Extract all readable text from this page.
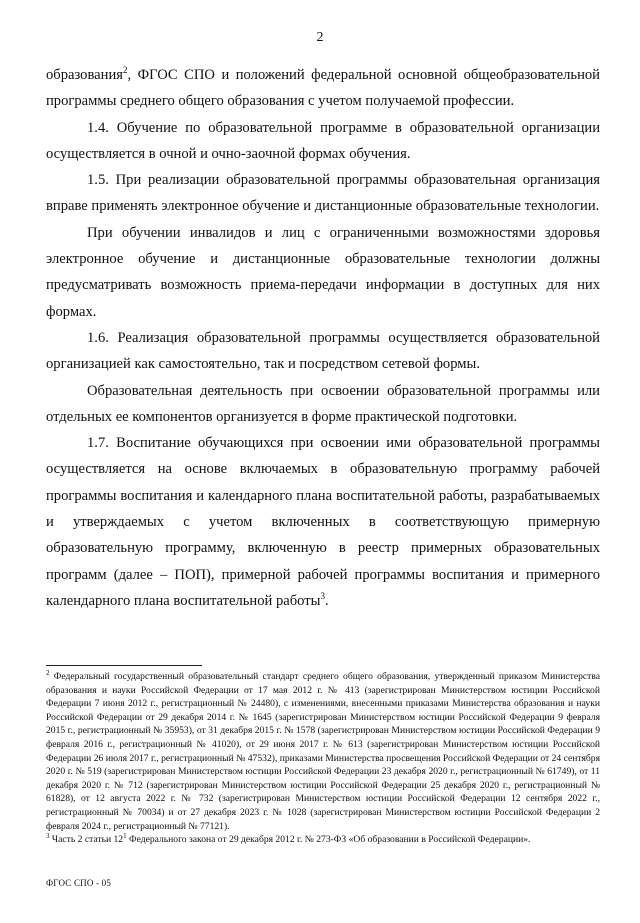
2

образования$^2$, ФГОС СПО и положений федеральной основной общеобразовательной программы среднего общего образования с учетом получаемой профессии.

1.4. Обучение по образовательной программе в образовательной организации осуществляется в очной и очно-заочной формах обучения.

1.5. При реализации образовательной программы образовательная организация вправе применять электронное обучение и дистанционные образовательные технологии.

При обучении инвалидов и лиц с ограниченными возможностями здоровья электронное обучение и дистанционные образовательные технологии должны предусматривать возможность приема-передачи информации в доступных для них формах.

1.6. Реализация образовательной программы осуществляется образовательной организацией как самостоятельно, так и посредством сетевой формы.

Образовательная деятельность при освоении образовательной программы или отдельных ее компонентов организуется в форме практической подготовки.

1.7. Воспитание обучающихся при освоении ими образовательной программы осуществляется на основе включаемых в образовательную программу рабочей программы воспитания и календарного плана воспитательной работы, разрабатываемых и утверждаемых с учетом включенных в соответствующую примерную образовательную программу, включенную в реестр примерных образовательных программ (далее – ПОП), примерной рабочей программы воспитания и примерного календарного плана воспитательной работы$^3$.

$^2$ Федеральный государственный образовательный стандарт среднего общего образования, утвержденный приказом Министерства образования и науки Российской Федерации от 17 мая 2012 г. № 413 (зарегистрирован Министерством юстиции Российской Федерации 7 июня 2012 г., регистрационный № 24480), с изменениями, внесенными приказами Министерства образования и науки Российской Федерации от 29 декабря 2014 г. № 1645 (зарегистрирован Министерством юстиции Российской Федерации 9 февраля 2015 г., регистрационный № 35953), от 31 декабря 2015 г. № 1578 (зарегистрирован Министерством юстиции Российской Федерации 9 февраля 2016 г., регистрационный № 41020), от 29 июня 2017 г. № 613 (зарегистрирован Министерством юстиции Российской Федерации 26 июля 2017 г., регистрационный № 47532), приказами Министерства просвещения Российской Федерации от 24 сентября 2020 г. № 519 (зарегистрирован Министерством юстиции Российской Федерации 23 декабря 2020 г., регистрационный № 61749), от 11 декабря 2020 г. № 712 (зарегистрирован Министерством юстиции Российской Федерации 25 декабря 2020 г., регистрационный № 61828), от 12 августа 2022 г. № 732 (зарегистрирован Министерством юстиции Российской Федерации 12 сентября 2022 г., регистрационный № 70034) и от 27 декабря 2023 г. № 1028 (зарегистрирован Министерством юстиции Российской Федерации 2 февраля 2024 г., регистрационный № 77121).

$^3$ Часть 2 статьи 12$^1$ Федерального закона от 29 декабря 2012 г. № 273-ФЗ «Об образовании в Российской Федерации».

ФГОС СПО - 05
